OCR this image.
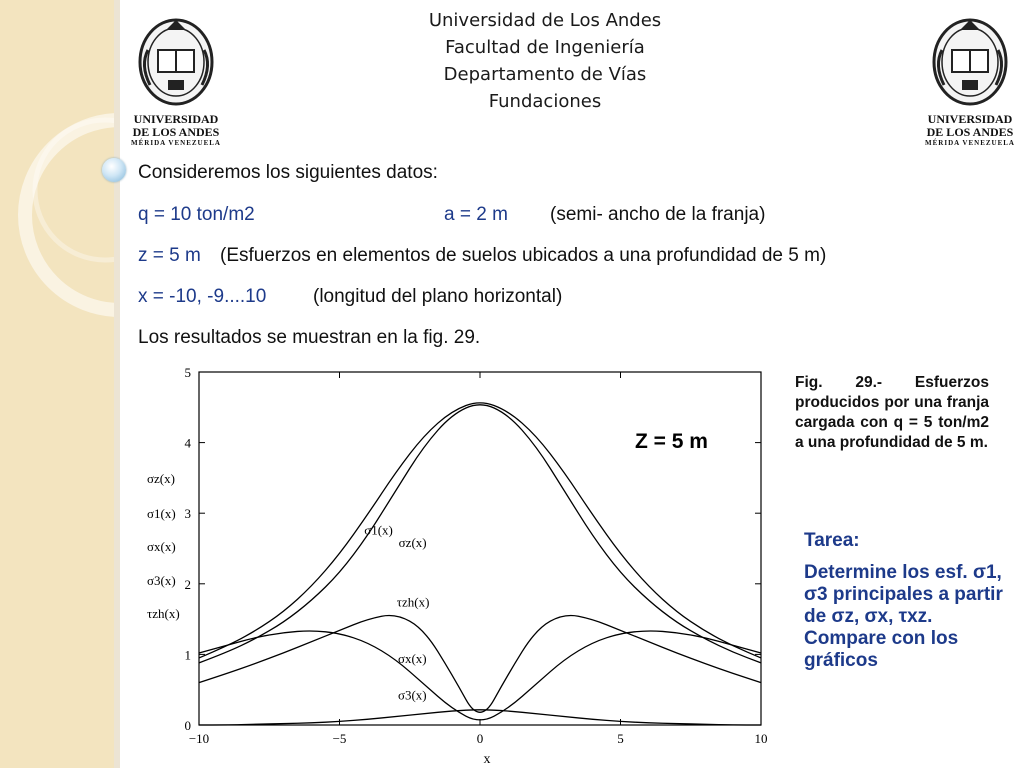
Universidad de Los Andes
Facultad de Ingeniería
Departamento de Vías
Fundaciones
UNIVERSIDAD
DE LOS ANDES
MÉRIDA VENEZUELA
UNIVERSIDAD
DE LOS ANDES
MÉRIDA VENEZUELA
Consideremos los siguientes datos:
q = 10 ton/m2	a = 2 m (semi- ancho de la franja)
z = 5 m (Esfuerzos en elementos de suelos ubicados a una profundidad de 5 m)
x = -10, -9....10 (longitud del plano horizontal)
Los resultados se muestran en la fig. 29.
0
1
2
3
4
5
−10	−5	0	5	10
σ1(x)
σz(x)
σx(x)
τzh(x)
σ3(x)
σz(x)
σ1(x)
σx(x)
σ3(x)
τzh(x)
x
Z = 5 m
Fig. 29.- Esfuerzos producidos por una franja cargada con q = 5 ton/m2 a una profundidad de 5 m.

Tarea:

Determine los esf. σ1, σ3 principales a partir de σz, σx, τxz. Compare con los gráficos
